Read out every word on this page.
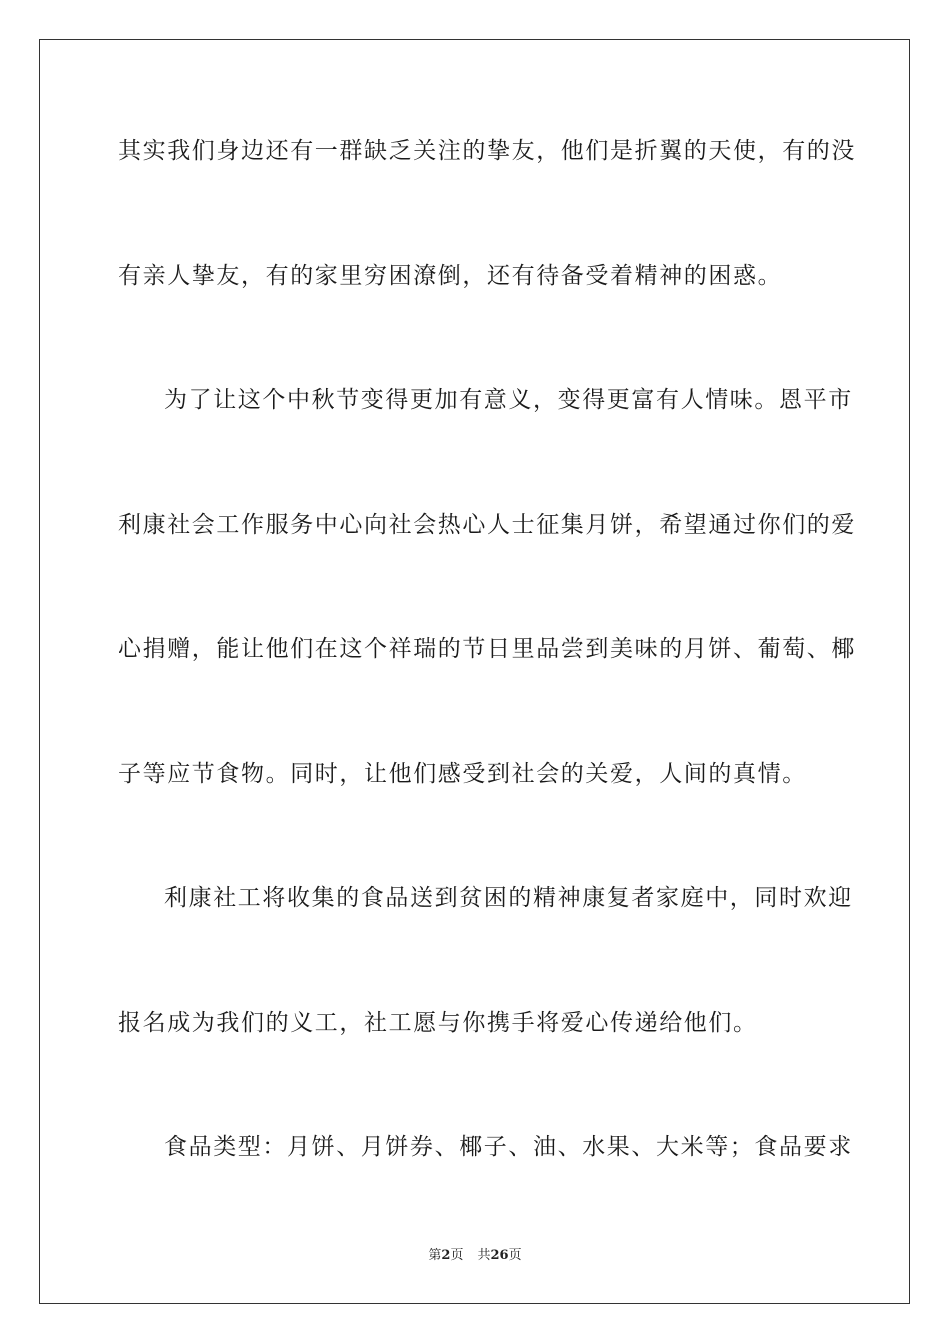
其实我们身边还有一群缺乏关注的挚友，他们是折翼的天使，有的没
有亲人挚友，有的家里穷困潦倒，还有待备受着精神的困惑。
为了让这个中秋节变得更加有意义，变得更富有人情味。恩平市
利康社会工作服务中心向社会热心人士征集月饼，希望通过你们的爱
心捐赠，能让他们在这个祥瑞的节日里品尝到美味的月饼、葡萄、椰
子等应节食物。同时，让他们感受到社会的关爱，人间的真情。
利康社工将收集的食品送到贫困的精神康复者家庭中，同时欢迎
报名成为我们的义工，社工愿与你携手将爱心传递给他们。
食品类型：月饼、月饼券、椰子、油、水果、大米等；食品要求
第2页 共26页
